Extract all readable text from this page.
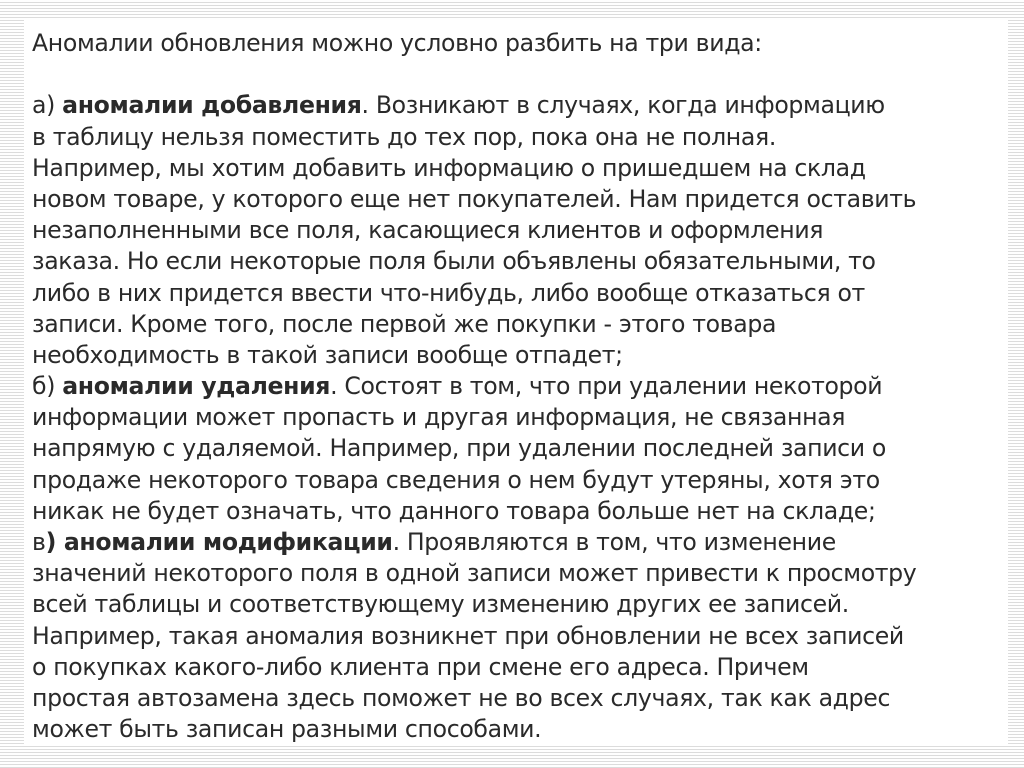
Аномалии обновления можно условно разбить на три вида:
а) аномалии добавления. Возникают в случаях, когда информацию
в таблицу нельзя поместить до тех пор, пока она не полная.
Например, мы хотим добавить информацию о пришедшем на склад
новом товаре, у которого еще нет покупателей. Нам придется оставить
незаполненными все поля, касающиеся клиентов и оформления
заказа. Но если некоторые поля были объявлены обязательными, то
либо в них придется ввести что-нибудь, либо вообще отказаться от
записи. Кроме того, после первой же покупки - этого товара
необходимость в такой записи вообще отпадет;
б) аномалии удаления. Состоят в том, что при удалении некоторой
информации может пропасть и другая информация, не связанная
напрямую с удаляемой. Например, при удалении последней записи о
продаже некоторого товара сведения о нем будут утеряны, хотя это
никак не будет означать, что данного товара больше нет на складе;
в) аномалии модификации. Проявляются в том, что изменение
значений некоторого поля в одной записи может привести к просмотру
всей таблицы и соответствующему изменению других ее записей.
Например, такая аномалия возникнет при обновлении не всех записей
о покупках какого-либо клиента при смене его адреса. Причем
простая автозамена здесь поможет не во всех случаях, так как адрес
может быть записан разными способами.
